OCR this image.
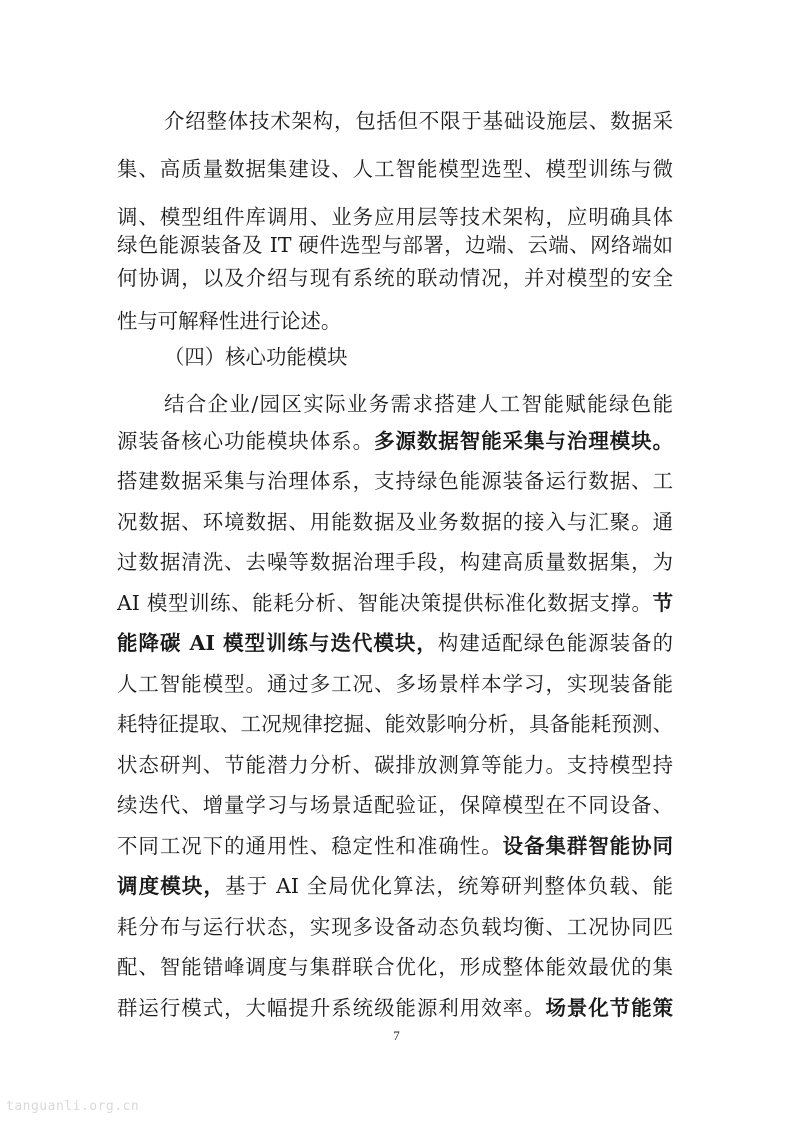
介绍整体技术架构，包括但不限于基础设施层、数据采
集、高质量数据集建设、人工智能模型选型、模型训练与微
调、模型组件库调用、业务应用层等技术架构，应明确具体
绿色能源装备及 IT 硬件选型与部署，边端、云端、网络端如
何协调，以及介绍与现有系统的联动情况，并对模型的安全
性与可解释性进行论述。
（四）核心功能模块
结合企业/园区实际业务需求搭建人工智能赋能绿色能
源装备核心功能模块体系。多源数据智能采集与治理模块。
搭建数据采集与治理体系，支持绿色能源装备运行数据、工
况数据、环境数据、用能数据及业务数据的接入与汇聚。通
过数据清洗、去噪等数据治理手段，构建高质量数据集，为
AI 模型训练、能耗分析、智能决策提供标准化数据支撑。节
能降碳 AI 模型训练与迭代模块，构建适配绿色能源装备的
人工智能模型。通过多工况、多场景样本学习，实现装备能
耗特征提取、工况规律挖掘、能效影响分析，具备能耗预测、
状态研判、节能潜力分析、碳排放测算等能力。支持模型持
续迭代、增量学习与场景适配验证，保障模型在不同设备、
不同工况下的通用性、稳定性和准确性。设备集群智能协同
调度模块，基于 AI 全局优化算法，统筹研判整体负载、能
耗分布与运行状态，实现多设备动态负载均衡、工况协同匹
配、智能错峰调度与集群联合优化，形成整体能效最优的集
群运行模式，大幅提升系统级能源利用效率。场景化节能策
7
tanguanli.org.cn
